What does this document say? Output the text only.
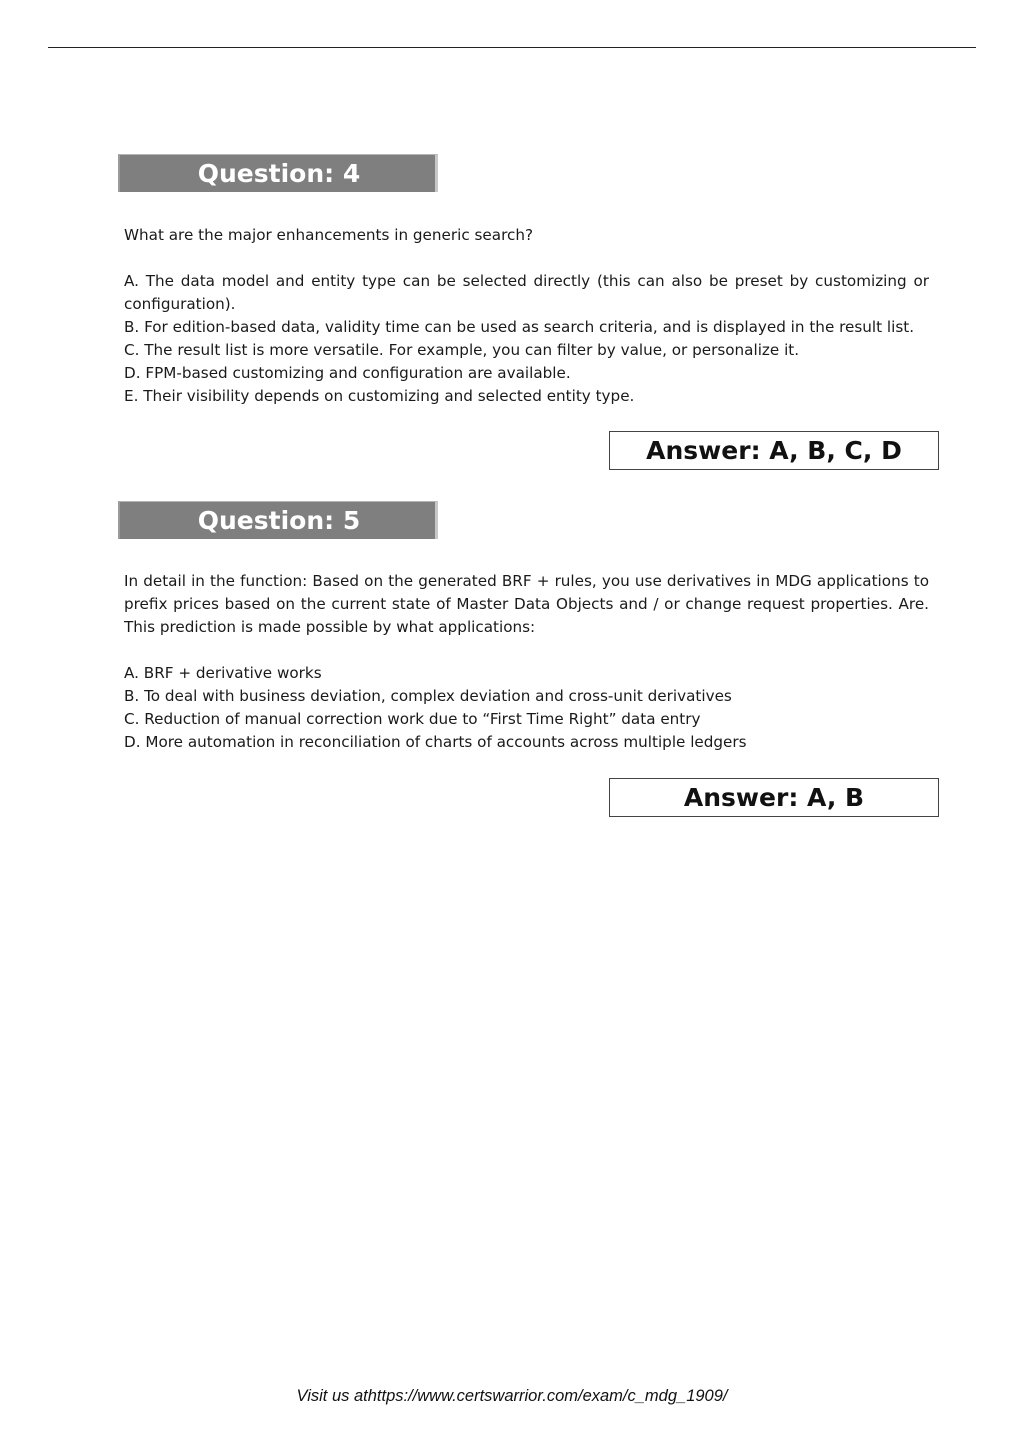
Question: 4

What are the major enhancements in generic search?

A. The data model and entity type can be selected directly (this can also be preset by customizing or configuration).

B. For edition-based data, validity time can be used as search criteria, and is displayed in the result list.

C. The result list is more versatile. For example, you can filter by value, or personalize it.

D. FPM-based customizing and configuration are available.

E. Their visibility depends on customizing and selected entity type.

Answer: A, B, C, D
Question: 5

In detail in the function: Based on the generated BRF + rules, you use derivatives in MDG applications to prefix prices based on the current state of Master Data Objects and / or change request properties. Are. This prediction is made possible by what applications:

A. BRF + derivative works

B. To deal with business deviation, complex deviation and cross-unit derivatives

C. Reduction of manual correction work due to “First Time Right” data entry

D. More automation in reconciliation of charts of accounts across multiple ledgers

Answer: A, B
Visit us athttps://www.certswarrior.com/exam/c_mdg_1909/
